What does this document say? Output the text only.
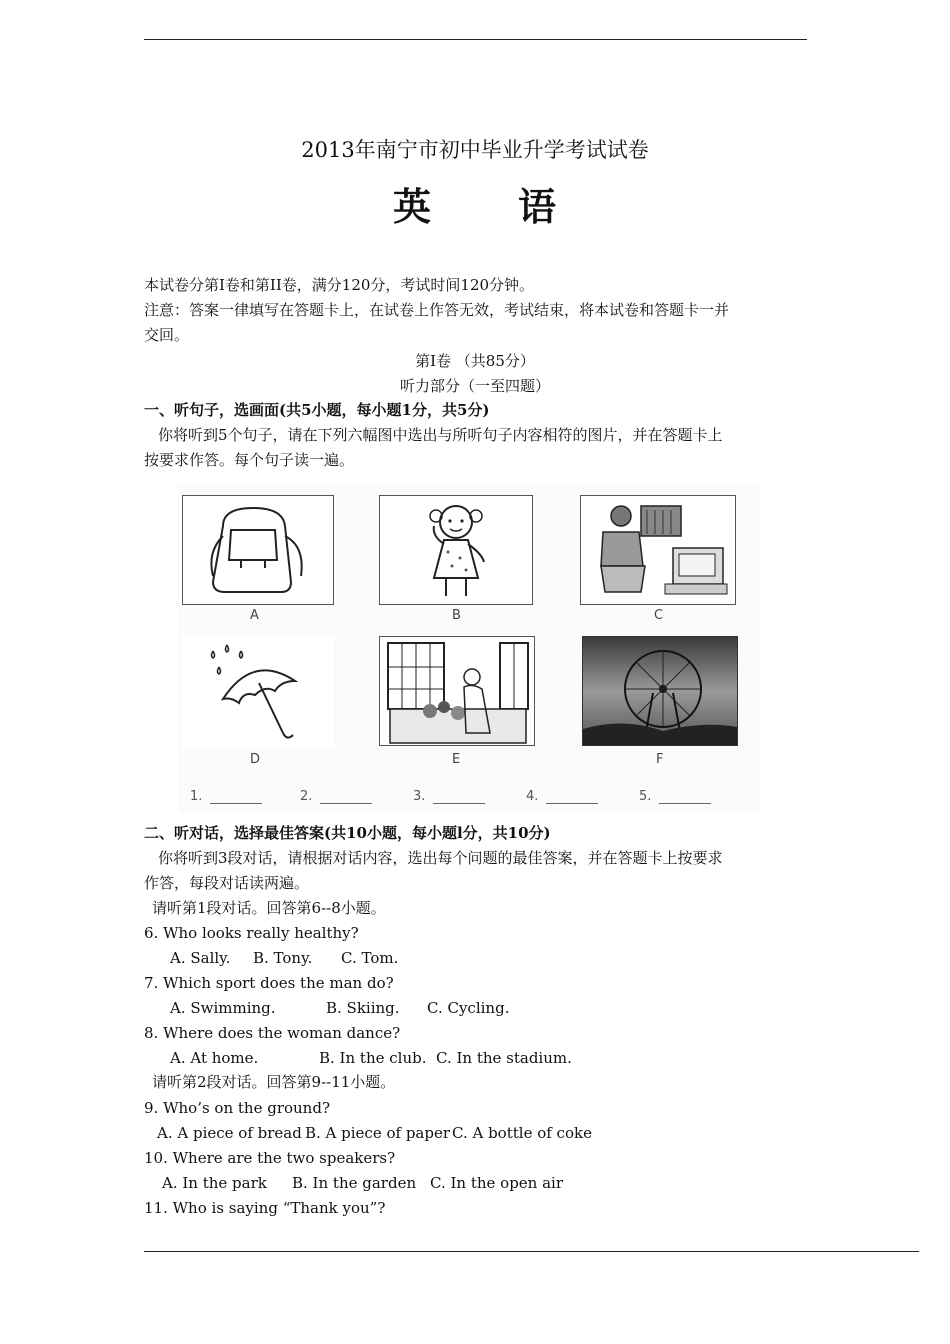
2013年南宁市初中毕业升学考试试卷
英 语
本试卷分第I卷和第II卷，满分120分，考试时间120分钟。
注意：答案一律填写在答题卡上，在试卷上作答无效，考试结束，将本试卷和答题卡一并
交回。
第I卷 （共85分）
听力部分（一至四题）
一、听句子，选画面(共5小题，每小题1分，共5分)
你将听到5个句子，请在下列六幅图中选出与所听句子内容相符的图片，并在答题卡上
按要求作答。每个句子读一遍。
A	B	C
D	E	F
1.	2.	3.	4.	5.
二、听对话，选择最佳答案(共10小题，每小题l分，共10分)
你将听到3段对话，请根据对话内容，选出每个问题的最佳答案，并在答题卡上按要求
作答，每段对话读两遍。
请听第1段对话。回答第6--8小题。
6. Who looks really healthy?
A. Sally. B. Tony. C. Tom.
7. Which sport does the man do?
A. Swimming.	B. Skiing. C. Cycling.
8. Where does the woman dance?
A. At home.	B. In the club. C. In the stadium.
请听第2段对话。回答第9--11小题。
9. Who’s on the ground?
A. A piece of bread B. A piece of paper C. A bottle of coke
10. Where are the two speakers?
A. In the park B. In the garden C. In the open air
11. Who is saying “Thank you”?
